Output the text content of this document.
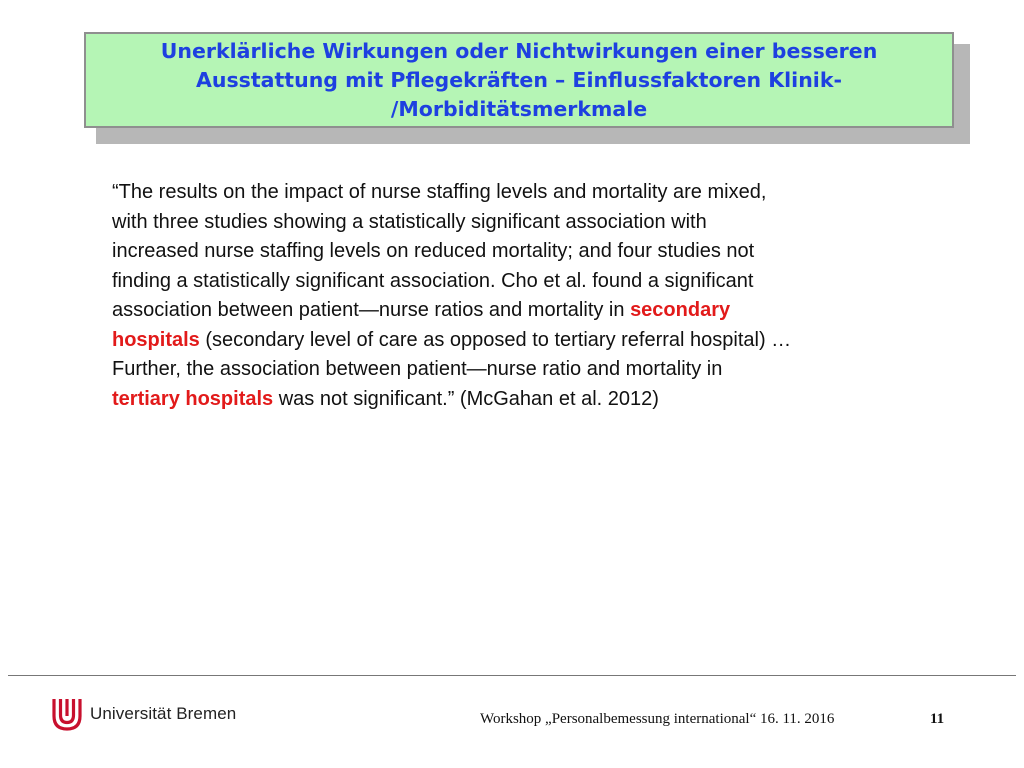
Unerklärliche Wirkungen oder Nichtwirkungen einer besseren
Ausstattung mit Pflegekräften – Einflussfaktoren Klinik-
/Morbiditätsmerkmale
“The results on the impact of nurse staffing levels and mortality are mixed,
with three studies showing a statistically significant association with
increased nurse staffing levels on reduced mortality; and four studies not
finding a statistically significant association. Cho et al. found a significant
association between patient—nurse ratios and mortality in secondary
hospitals (secondary level of care as opposed to tertiary referral hospital) …
Further, the association between patient—nurse ratio and mortality in
tertiary hospitals was not significant.” (McGahan et al. 2012)
Universität Bremen	Workshop „Personalbemessung international“ 16. 11. 2016	11
